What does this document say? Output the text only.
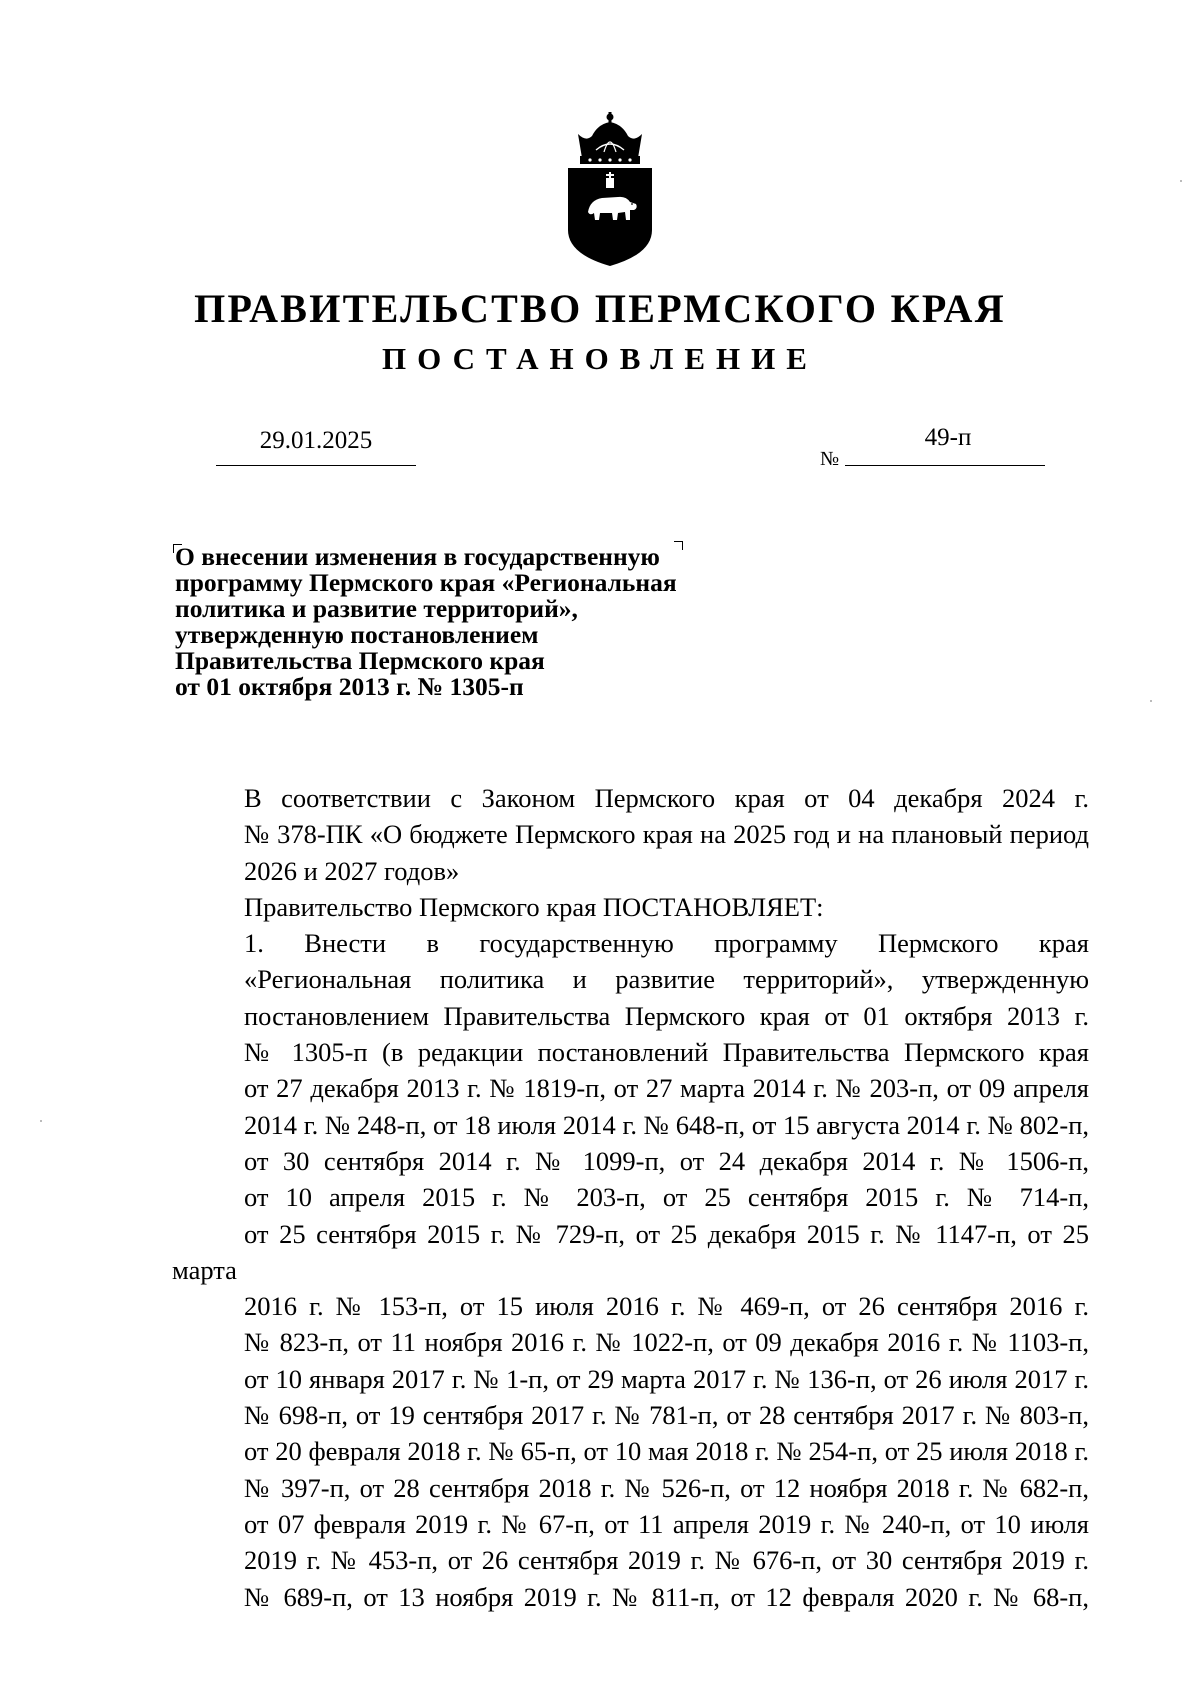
ПРАВИТЕЛЬСТВО ПЕРМСКОГО КРАЯ
ПОСТАНОВЛЕНИЕ
29.01.2025
№
49-п
О внесении изменения в государственную
программу Пермского края «Региональная
политика и развитие территорий»,
утвержденную постановлением
Правительства Пермского края
от 01 октября 2013 г. № 1305-п

В соответствии с Законом Пермского края от 04 декабря 2024 г.
№ 378-ПК «О бюджете Пермского края на 2025 год и на плановый период
2026 и 2027 годов»

Правительство Пермского края ПОСТАНОВЛЯЕТ:

1. Внести в государственную программу Пермского края
«Региональная политика и развитие территорий», утвержденную
постановлением Правительства Пермского края от 01 октября 2013 г.
№ 1305-п (в редакции постановлений Правительства Пермского края
от 27 декабря 2013 г. № 1819-п, от 27 марта 2014 г. № 203-п, от 09 апреля
2014 г. № 248-п, от 18 июля 2014 г. № 648-п, от 15 августа 2014 г. № 802-п,
от 30 сентября 2014 г. № 1099-п, от 24 декабря 2014 г. № 1506-п,
от 10 апреля 2015 г. № 203-п, от 25 сентября 2015 г. № 714-п,
от 25 сентября 2015 г. № 729-п, от 25 декабря 2015 г. № 1147-п, от 25 марта
2016 г. № 153-п, от 15 июля 2016 г. № 469-п, от 26 сентября 2016 г.
№ 823-п, от 11 ноября 2016 г. № 1022-п, от 09 декабря 2016 г. № 1103-п,
от 10 января 2017 г. № 1-п, от 29 марта 2017 г. № 136-п, от 26 июля 2017 г.
№ 698-п, от 19 сентября 2017 г. № 781-п, от 28 сентября 2017 г. № 803-п,
от 20 февраля 2018 г. № 65-п, от 10 мая 2018 г. № 254-п, от 25 июля 2018 г.
№ 397-п, от 28 сентября 2018 г. № 526-п, от 12 ноября 2018 г. № 682-п,
от 07 февраля 2019 г. № 67-п, от 11 апреля 2019 г. № 240-п, от 10 июля
2019 г. № 453-п, от 26 сентября 2019 г. № 676-п, от 30 сентября 2019 г.
№ 689-п, от 13 ноября 2019 г. № 811-п, от 12 февраля 2020 г. № 68-п,
